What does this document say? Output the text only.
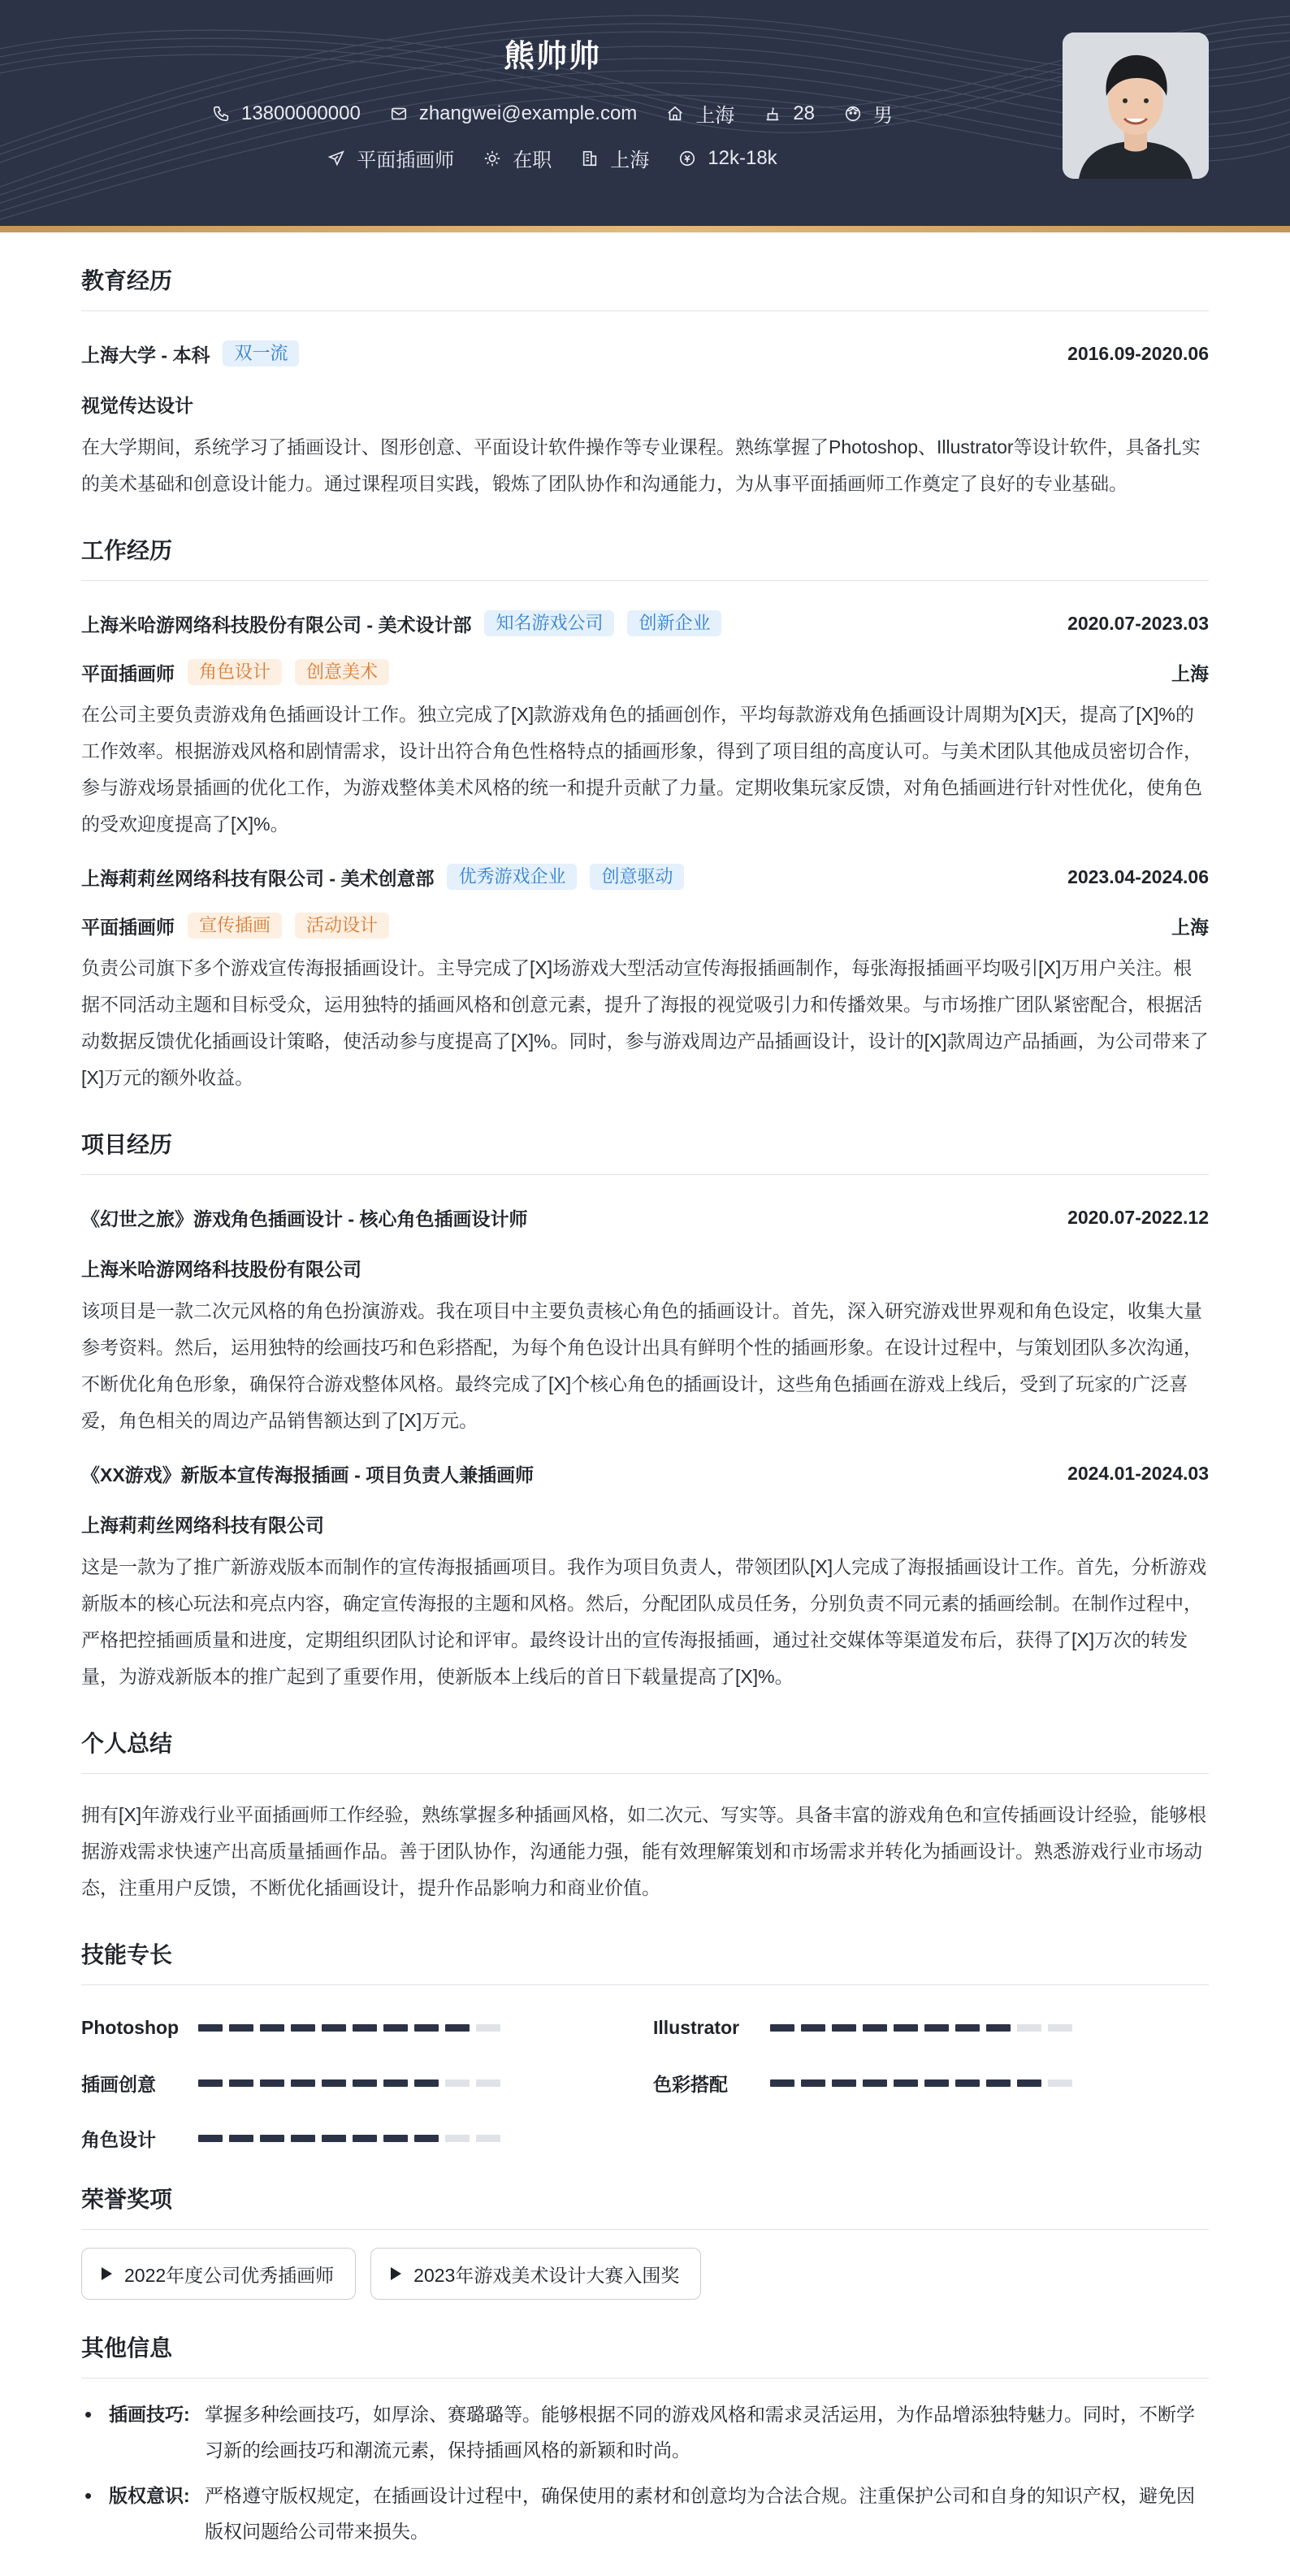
熊帅帅
13800000000	zhangwei@example.com	上海	28	男
平面插画师	在职	上海	12k-18k
教育经历
上海大学 - 本科	双一流	2016.09-2020.06
视觉传达设计
在大学期间，系统学习了插画设计、图形创意、平面设计软件操作等专业课程。熟练掌握了Photoshop、Illustrator等设计软件，具备扎实的美术基础和创意设计能力。通过课程项目实践，锻炼了团队协作和沟通能力，为从事平面插画师工作奠定了良好的专业基础。
工作经历
上海米哈游网络科技股份有限公司 - 美术设计部	知名游戏公司	创新企业	2020.07-2023.03
平面插画师	角色设计	创意美术	上海
在公司主要负责游戏角色插画设计工作。独立完成了[X]款游戏角色的插画创作，平均每款游戏角色插画设计周期为[X]天，提高了[X]%的工作效率。根据游戏风格和剧情需求，设计出符合角色性格特点的插画形象，得到了项目组的高度认可。与美术团队其他成员密切合作，参与游戏场景插画的优化工作，为游戏整体美术风格的统一和提升贡献了力量。定期收集玩家反馈，对角色插画进行针对性优化，使角色的受欢迎度提高了[X]%。
上海莉莉丝网络科技有限公司 - 美术创意部	优秀游戏企业	创意驱动	2023.04-2024.06
平面插画师	宣传插画	活动设计	上海
负责公司旗下多个游戏宣传海报插画设计。主导完成了[X]场游戏大型活动宣传海报插画制作，每张海报插画平均吸引[X]万用户关注。根据不同活动主题和目标受众，运用独特的插画风格和创意元素，提升了海报的视觉吸引力和传播效果。与市场推广团队紧密配合，根据活动数据反馈优化插画设计策略，使活动参与度提高了[X]%。同时，参与游戏周边产品插画设计，设计的[X]款周边产品插画，为公司带来了[X]万元的额外收益。
项目经历
《幻世之旅》游戏角色插画设计 - 核心角色插画设计师	2020.07-2022.12
上海米哈游网络科技股份有限公司
该项目是一款二次元风格的角色扮演游戏。我在项目中主要负责核心角色的插画设计。首先，深入研究游戏世界观和角色设定，收集大量参考资料。然后，运用独特的绘画技巧和色彩搭配，为每个角色设计出具有鲜明个性的插画形象。在设计过程中，与策划团队多次沟通，不断优化角色形象，确保符合游戏整体风格。最终完成了[X]个核心角色的插画设计，这些角色插画在游戏上线后，受到了玩家的广泛喜爱，角色相关的周边产品销售额达到了[X]万元。
《XX游戏》新版本宣传海报插画 - 项目负责人兼插画师	2024.01-2024.03
上海莉莉丝网络科技有限公司
这是一款为了推广新游戏版本而制作的宣传海报插画项目。我作为项目负责人，带领团队[X]人完成了海报插画设计工作。首先，分析游戏新版本的核心玩法和亮点内容，确定宣传海报的主题和风格。然后，分配团队成员任务，分别负责不同元素的插画绘制。在制作过程中，严格把控插画质量和进度，定期组织团队讨论和评审。最终设计出的宣传海报插画，通过社交媒体等渠道发布后，获得了[X]万次的转发量，为游戏新版本的推广起到了重要作用，使新版本上线后的首日下载量提高了[X]%。
个人总结
拥有[X]年游戏行业平面插画师工作经验，熟练掌握多种插画风格，如二次元、写实等。具备丰富的游戏角色和宣传插画设计经验，能够根据游戏需求快速产出高质量插画作品。善于团队协作，沟通能力强，能有效理解策划和市场需求并转化为插画设计。熟悉游戏行业市场动态，注重用户反馈，不断优化插画设计，提升作品影响力和商业价值。
技能专长
Photoshop	Illustrator
插画创意	色彩搭配
角色设计
荣誉奖项
2022年度公司优秀插画师	2023年游戏美术设计大赛入围奖
其他信息
• 插画技巧: 掌握多种绘画技巧，如厚涂、赛璐璐等。能够根据不同的游戏风格和需求灵活运用，为作品增添独特魅力。同时，不断学习新的绘画技巧和潮流元素，保持插画风格的新颖和时尚。
• 版权意识: 严格遵守版权规定，在插画设计过程中，确保使用的素材和创意均为合法合规。注重保护公司和自身的知识产权，避免因版权问题给公司带来损失。
